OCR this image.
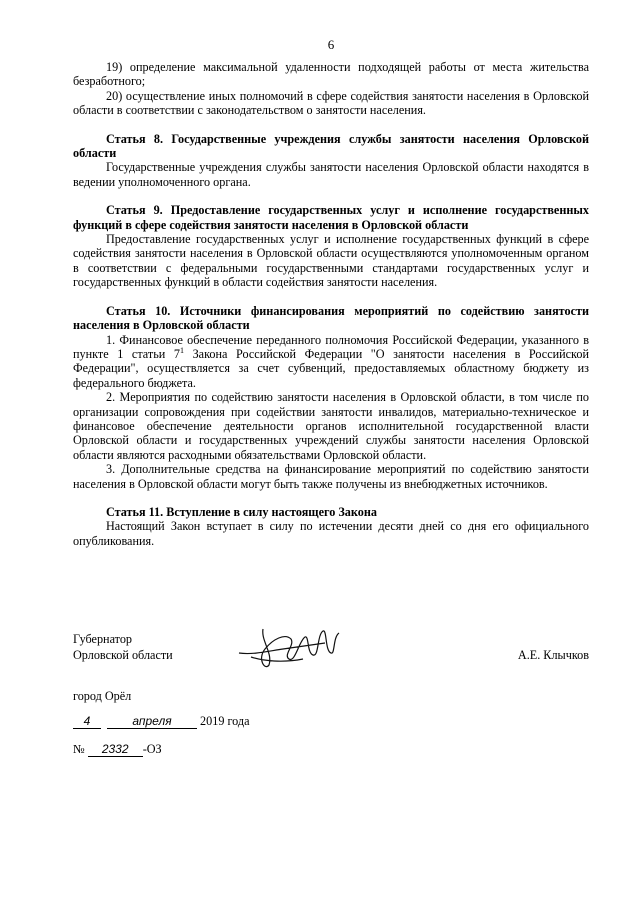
6

19) определение максимальной удаленности подходящей работы от места жительства безработного;

20) осуществление иных полномочий в сфере содействия занятости населения в Орловской области в соответствии с законодательством о занятости населения.

Статья 8. Государственные учреждения службы занятости населения Орловской области

Государственные учреждения службы занятости населения Орловской области находятся в ведении уполномоченного органа.

Статья 9. Предоставление государственных услуг и исполнение государственных функций в сфере содействия занятости населения в Орловской области

Предоставление государственных услуг и исполнение государственных функций в сфере содействия занятости населения в Орловской области осуществляются уполномоченным органом в соответствии с федеральными государственными стандартами государственных услуг и государственных функций в области содействия занятости населения.

Статья 10. Источники финансирования мероприятий по содействию занятости населения в Орловской области

1. Финансовое обеспечение переданного полномочия Российской Федерации, указанного в пункте 1 статьи $7^1$ Закона Российской Федерации "О занятости населения в Российской Федерации", осуществляется за счет субвенций, предоставляемых областному бюджету из федерального бюджета.

2. Мероприятия по содействию занятости населения в Орловской области, в том числе по организации сопровождения при содействии занятости инвалидов, материально-техническое и финансовое обеспечение деятельности органов исполнительной государственной власти Орловской области и государственных учреждений службы занятости населения Орловской области являются расходными обязательствами Орловской области.

3. Дополнительные средства на финансирование мероприятий по содействию занятости населения в Орловской области могут быть также получены из внебюджетных источников.

Статья 11. Вступление в силу настоящего Закона

Настоящий Закон вступает в силу по истечении десяти дней со дня его официального опубликования.

Губернатор
Орловской области	А.Е. Клычков
город Орёл
4	апреля 2019 года
№ 2332 -ОЗ
